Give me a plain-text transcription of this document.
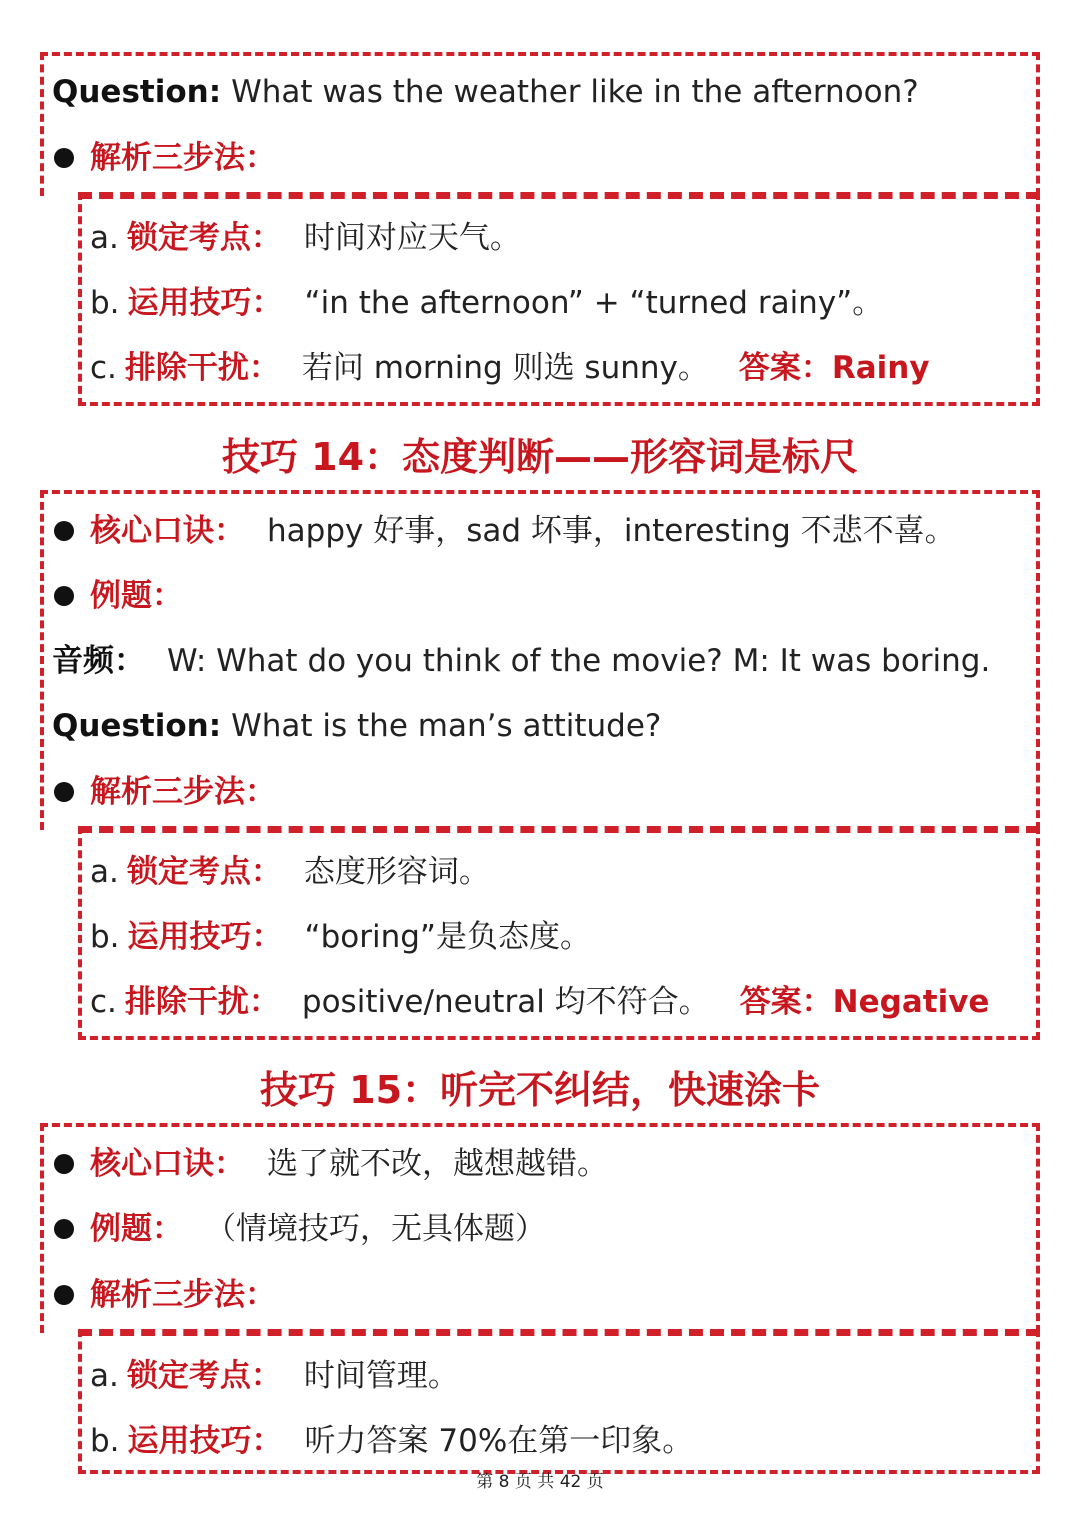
Question: What was the weather like in the afternoon?
解析三步法：
a. 锁定考点： 时间对应天气。
b. 运用技巧： “in the afternoon” + “turned rainy”。
c. 排除干扰： 若问 morning 则选 sunny。 答案：Rainy
技巧 14：态度判断——形容词是标尺
核心口诀： happy 好事，sad 坏事，interesting 不悲不喜。
例题：
音频： W: What do you think of the movie? M: It was boring.
Question: What is the man’s attitude?
解析三步法：
a. 锁定考点： 态度形容词。
b. 运用技巧： “boring”是负态度。
c. 排除干扰： positive/neutral 均不符合。 答案：Negative
技巧 15：听完不纠结，快速涂卡
核心口诀： 选了就不改，越想越错。
例题： （情境技巧，无具体题）
解析三步法：
a. 锁定考点： 时间管理。
b. 运用技巧： 听力答案 70%在第一印象。
第 8 页 共 42 页
